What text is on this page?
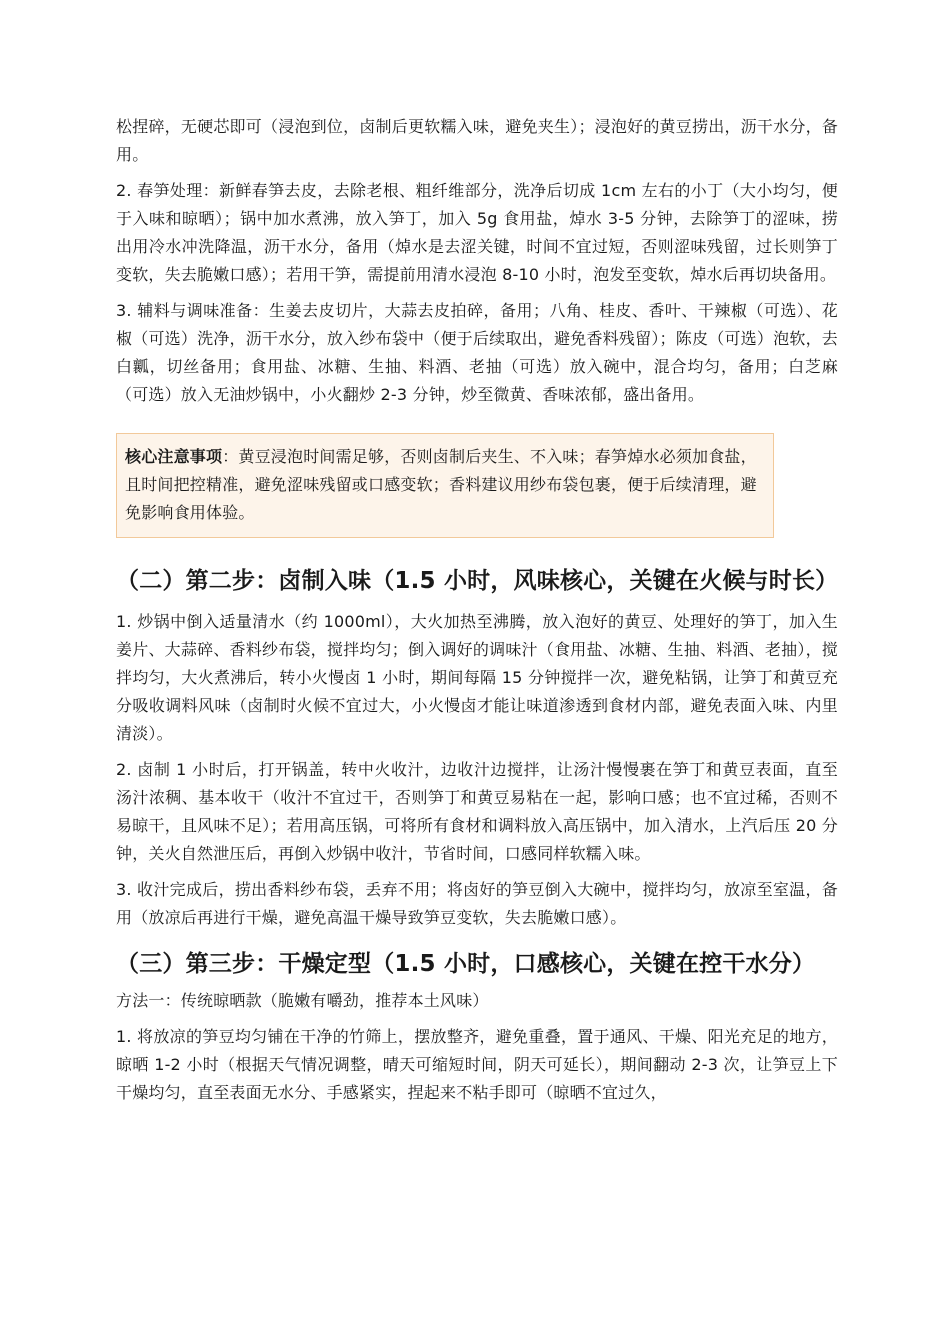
松捏碎，无硬芯即可（浸泡到位，卤制后更软糯入味，避免夹生）；浸泡好的黄豆捞出，沥干水分，备用。

2. 春笋处理：新鲜春笋去皮，去除老根、粗纤维部分，洗净后切成 1cm 左右的小丁（大小均匀，便于入味和晾晒）；锅中加水煮沸，放入笋丁，加入 5g 食用盐，焯水 3-5 分钟，去除笋丁的涩味，捞出用冷水冲洗降温，沥干水分，备用（焯水是去涩关键，时间不宜过短，否则涩味残留，过长则笋丁变软，失去脆嫩口感）；若用干笋，需提前用清水浸泡 8-10 小时，泡发至变软，焯水后再切块备用。

3. 辅料与调味准备：生姜去皮切片，大蒜去皮拍碎，备用；八角、桂皮、香叶、干辣椒（可选）、花椒（可选）洗净，沥干水分，放入纱布袋中（便于后续取出，避免香料残留）；陈皮（可选）泡软，去白瓤，切丝备用；食用盐、冰糖、生抽、料酒、老抽（可选）放入碗中，混合均匀，备用；白芝麻（可选）放入无油炒锅中，小火翻炒 2-3 分钟，炒至微黄、香味浓郁，盛出备用。

核心注意事项：黄豆浸泡时间需足够，否则卤制后夹生、不入味；春笋焯水必须加食盐，且时间把控精准，避免涩味残留或口感变软；香料建议用纱布袋包裹，便于后续清理，避免影响食用体验。
（二）第二步：卤制入味（1.5 小时，风味核心，关键在火候与时长）

1. 炒锅中倒入适量清水（约 1000ml），大火加热至沸腾，放入泡好的黄豆、处理好的笋丁，加入生姜片、大蒜碎、香料纱布袋，搅拌均匀；倒入调好的调味汁（食用盐、冰糖、生抽、料酒、老抽），搅拌均匀，大火煮沸后，转小火慢卤 1 小时，期间每隔 15 分钟搅拌一次，避免粘锅，让笋丁和黄豆充分吸收调料风味（卤制时火候不宜过大，小火慢卤才能让味道渗透到食材内部，避免表面入味、内里清淡）。

2. 卤制 1 小时后，打开锅盖，转中火收汁，边收汁边搅拌，让汤汁慢慢裹在笋丁和黄豆表面，直至汤汁浓稠、基本收干（收汁不宜过干，否则笋丁和黄豆易粘在一起，影响口感；也不宜过稀，否则不易晾干，且风味不足）；若用高压锅，可将所有食材和调料放入高压锅中，加入清水，上汽后压 20 分钟，关火自然泄压后，再倒入炒锅中收汁，节省时间，口感同样软糯入味。

3. 收汁完成后，捞出香料纱布袋，丢弃不用；将卤好的笋豆倒入大碗中，搅拌均匀，放凉至室温，备用（放凉后再进行干燥，避免高温干燥导致笋豆变软，失去脆嫩口感）。

（三）第三步：干燥定型（1.5 小时，口感核心，关键在控干水分）

方法一：传统晾晒款（脆嫩有嚼劲，推荐本土风味）

1. 将放凉的笋豆均匀铺在干净的竹筛上，摆放整齐，避免重叠，置于通风、干燥、阳光充足的地方，晾晒 1-2 小时（根据天气情况调整，晴天可缩短时间，阴天可延长），期间翻动 2-3 次，让笋豆上下干燥均匀，直至表面无水分、手感紧实，捏起来不粘手即可（晾晒不宜过久，
